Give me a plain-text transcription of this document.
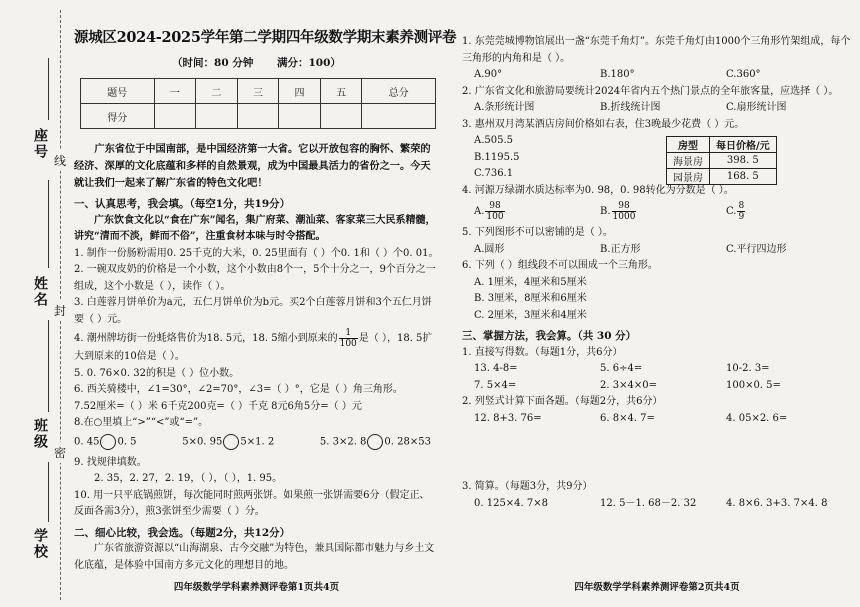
座号
姓名
班级
学校
线
封
密
源城区2024-2025学年第二学期四年级数学期末素养测评卷
（时间：80 分钟 满分：100）
题号	一	二	三	四	五	总分
得分						

广东省位于中国南部，是中国经济第一大省。它以开放包容的胸怀、繁荣的经济、深厚的文化底蕴和多样的自然景观，成为中国最具活力的省份之一。今天就让我们一起来了解广东省的特色文化吧！

一、认真思考，我会填。（每空1分，共19分）

广东饮食文化以“食在广东”闻名，集广府菜、潮汕菜、客家菜三大民系精髓，讲究“清而不淡，鲜而不俗”，注重食材本味与时令搭配。

1. 制作一份肠粉需用0. 25千克的大米，0. 25里面有（ ）个0. 1和（ ）个0. 01。

2. 一碗双皮奶的价格是一个小数，这个小数由8个一，5个十分之一，9个百分之一组成，这个小数是（ ），读作（ ）。

3. 白莲蓉月饼单价为a元，五仁月饼单价为b元。买2个白莲蓉月饼和3个五仁月饼要（ ）元。

4. 潮州牌坊街一份蚝烙售价为18. 5元，18. 5缩小到原来的 $\frac{1}{100}$ 是（ ），18. 5扩大到原来的10倍是（ ）。

5. 0. 76×0. 32的积是（ ）位小数。

6. 西关骑楼中，∠1=30°，∠2=70°，∠3=（ ）°，它是（ ）角三角形。

7.52厘米=（ ）米 6千克200克=（ ）千克 8元6角5分=（ ）元

8.在○里填上“>”“<”或“=”。

0. 45 0. 5	5×0. 95 5×1. 2	5. 3×2. 8 0. 28×53

9. 找规律填数。

2. 35，2. 27，2. 19，（ ），（ ），1. 95。

10. 用一只平底锅煎饼，每次能同时煎两张饼。如果煎一张饼需要6分（假定正、反面各需3分），煎3张饼至少需要（ ）分。

二、细心比较，我会选。（每题2分，共12分）

广东省旅游资源以“山海湖泉、古今交融”为特色，兼具国际都市魅力与乡土文化底蕴，是体验中国南方多元文化的理想目的地。

四年级数学学科素养测评卷第1页共4页

1. 东莞莞城博物馆展出一盏“东莞千角灯”。东莞千角灯由1000个三角形竹架组成，每个三角形的内角和是（ ）。

A.90°	B.180°	C.360°

2. 广东省文化和旅游局要统计2024年省内五个热门景点的全年旅客量，应选择（ ）。

A.条形统计图	B.折线统计图	C.扇形统计图

3. 惠州双月湾某酒店房间价格如右表，住3晚最少花费（ ）元。

A.505.5
B.1195.5
C.736.1
房型	每日价格/元
海景房	398. 5
园景房	168. 5

4. 河源万绿湖水质达标率为0. 98，0. 98转化为分数是（ ）。

A. $\frac{98}{100}$	B. $\frac{98}{1000}$	C. $\frac{8}{9}$

5. 下列图形不可以密铺的是（ ）。

A.圆形	B.正方形	C.平行四边形

6. 下列（ ）组线段不可以围成一个三角形。

A. 1厘米，4厘米和5厘米
B. 3厘米，8厘米和6厘米
C. 2厘米，3厘米和4厘米

三、掌握方法，我会算。（共 30 分）

1. 直接写得数。（每题1分，共6分）

13. 4-8=	5. 6÷4=	10-2. 3=
7. 5×4=	2. 3×4×0=	100×0. 5=

2. 列竖式计算下面各题。（每题2分，共6分）

12. 8+3. 76=	6. 8×4. 7=	4. 05×2. 6=

3. 简算。（每题3分，共9分）

0. 125×4. 7×8	12. 5－1. 68－2. 32	4. 8×6. 3+3. 7×4. 8
四年级数学学科素养测评卷第2页共4页
